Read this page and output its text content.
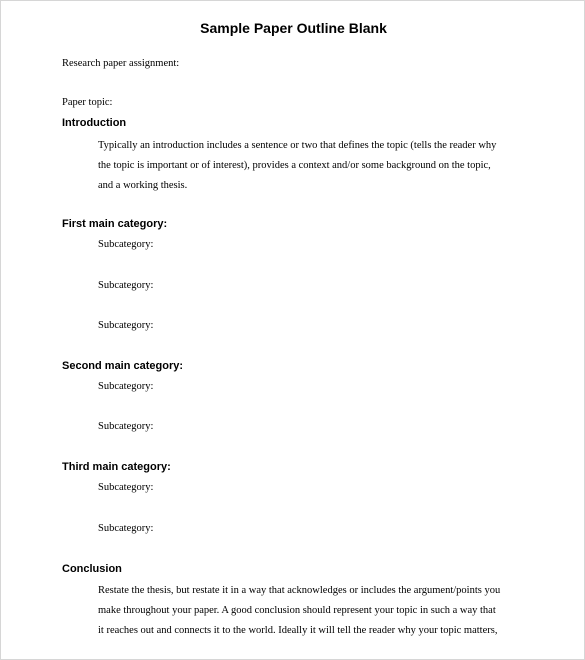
Sample Paper Outline Blank

Research paper assignment:

Paper topic:

Introduction
Typically an introduction includes a sentence or two that defines the topic (tells the reader why
the topic is important or of interest), provides a context and/or some background on the topic,
and a working thesis.
First main category:
Subcategory:
Subcategory:
Subcategory:
Second main category:
Subcategory:
Subcategory:
Third main category:
Subcategory:
Subcategory:
Conclusion
Restate the thesis, but restate it in a way that acknowledges or includes the argument/points you
make throughout your paper. A good conclusion should represent your topic in such a way that
it reaches out and connects it to the world. Ideally it will tell the reader why your topic matters,
